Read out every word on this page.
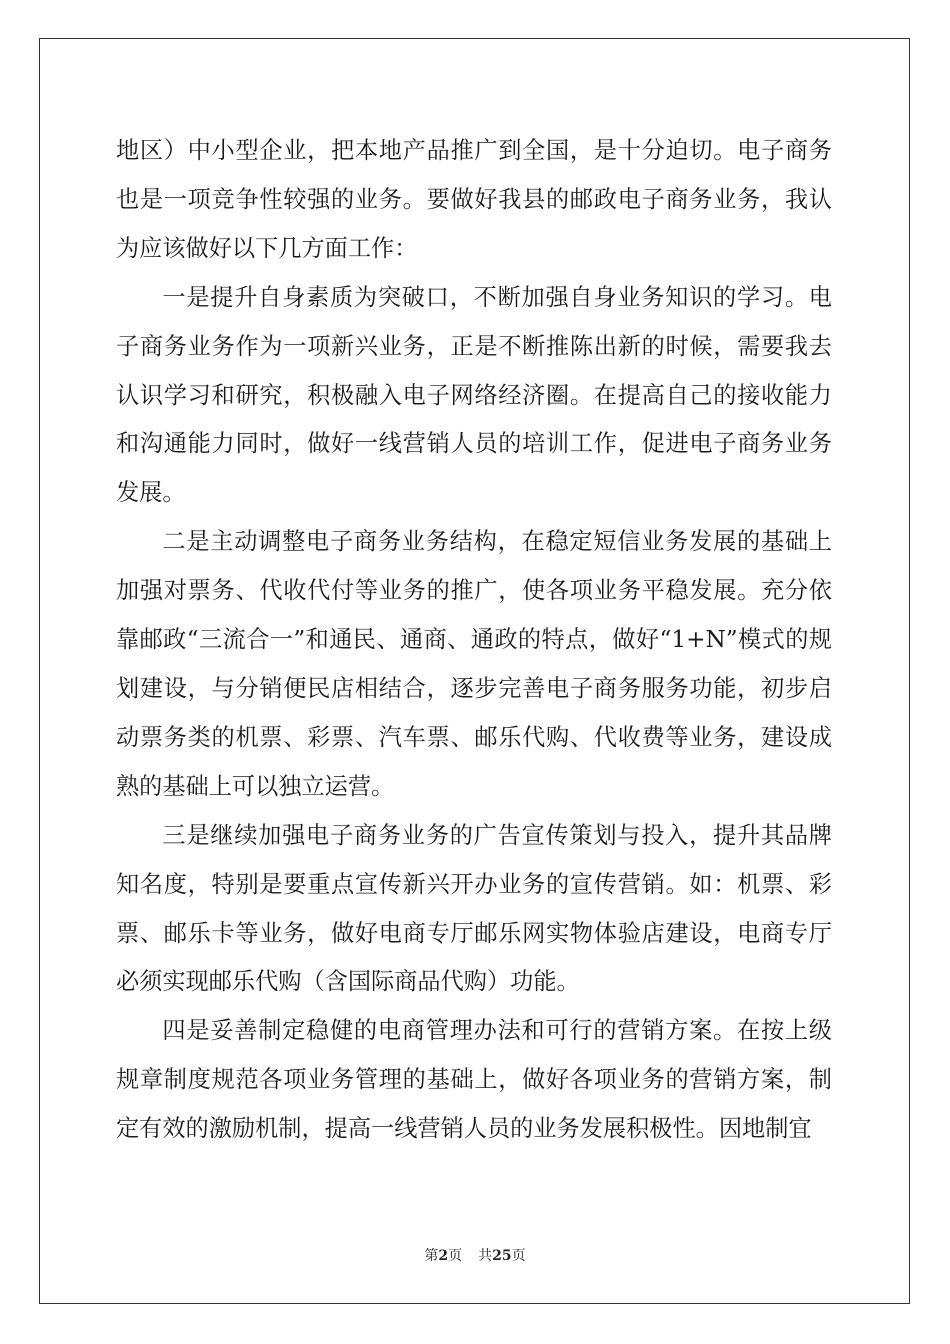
地区）中小型企业，把本地产品推广到全国，是十分迫切。电子商务也是一项竞争性较强的业务。要做好我县的邮政电子商务业务，我认为应该做好以下几方面工作：

一是提升自身素质为突破口，不断加强自身业务知识的学习。电子商务业务作为一项新兴业务，正是不断推陈出新的时候，需要我去认识学习和研究，积极融入电子网络经济圈。在提高自己的接收能力和沟通能力同时，做好一线营销人员的培训工作，促进电子商务业务发展。

二是主动调整电子商务业务结构，在稳定短信业务发展的基础上加强对票务、代收代付等业务的推广，使各项业务平稳发展。充分依靠邮政“三流合一”和通民、通商、通政的特点，做好“1+N”模式的规划建设，与分销便民店相结合，逐步完善电子商务服务功能，初步启动票务类的机票、彩票、汽车票、邮乐代购、代收费等业务，建设成熟的基础上可以独立运营。

三是继续加强电子商务业务的广告宣传策划与投入，提升其品牌知名度，特别是要重点宣传新兴开办业务的宣传营销。如：机票、彩票、邮乐卡等业务，做好电商专厅邮乐网实物体验店建设，电商专厅必须实现邮乐代购（含国际商品代购）功能。

四是妥善制定稳健的电商管理办法和可行的营销方案。在按上级规章制度规范各项业务管理的基础上，做好各项业务的营销方案，制定有效的激励机制，提高一线营销人员的业务发展积极性。因地制宜

第2页 共25页
